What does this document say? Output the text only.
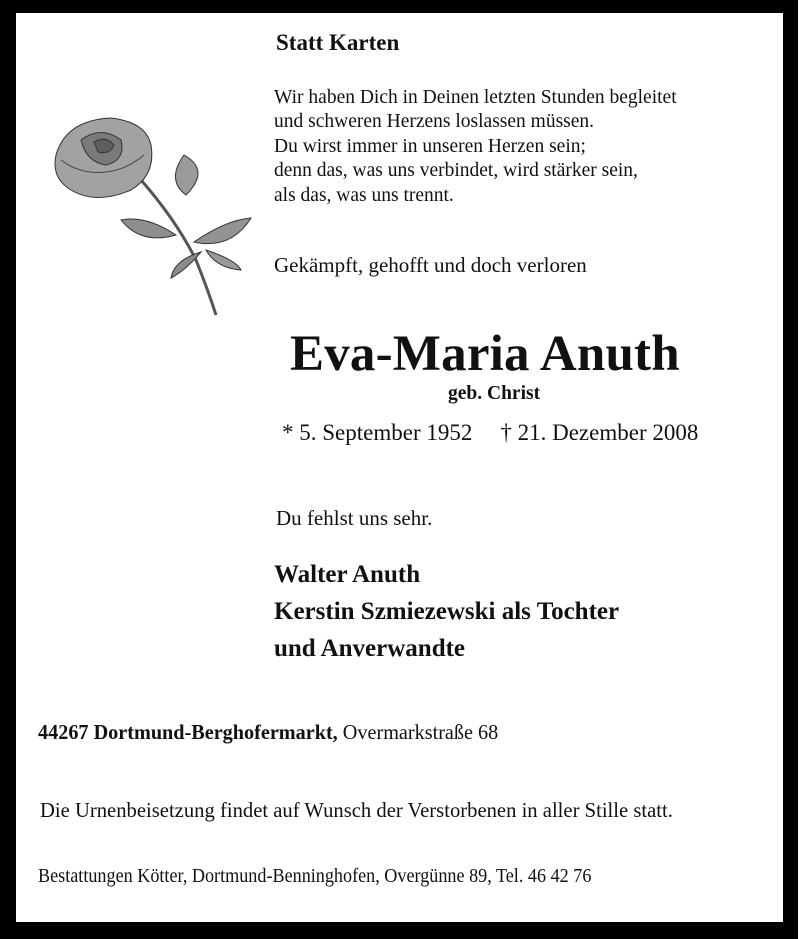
Statt Karten
Wir haben Dich in Deinen letzten Stunden begleitet
und schweren Herzens loslassen müssen.
Du wirst immer in unseren Herzen sein;
denn das, was uns verbindet, wird stärker sein,
als das, was uns trennt.
Gekämpft, gehofft und doch verloren
Eva-Maria Anuth
geb. Christ
* 5. September 1952 † 21. Dezember 2008
Du fehlst uns sehr.
Walter Anuth
Kerstin Szmiezewski als Tochter
und Anverwandte
44267 Dortmund-Berghofermarkt, Overmarkstraße 68
Die Urnenbeisetzung findet auf Wunsch der Verstorbenen in aller Stille statt.
Bestattungen Kötter, Dortmund-Benninghofen, Overgünne 89, Tel. 46 42 76
